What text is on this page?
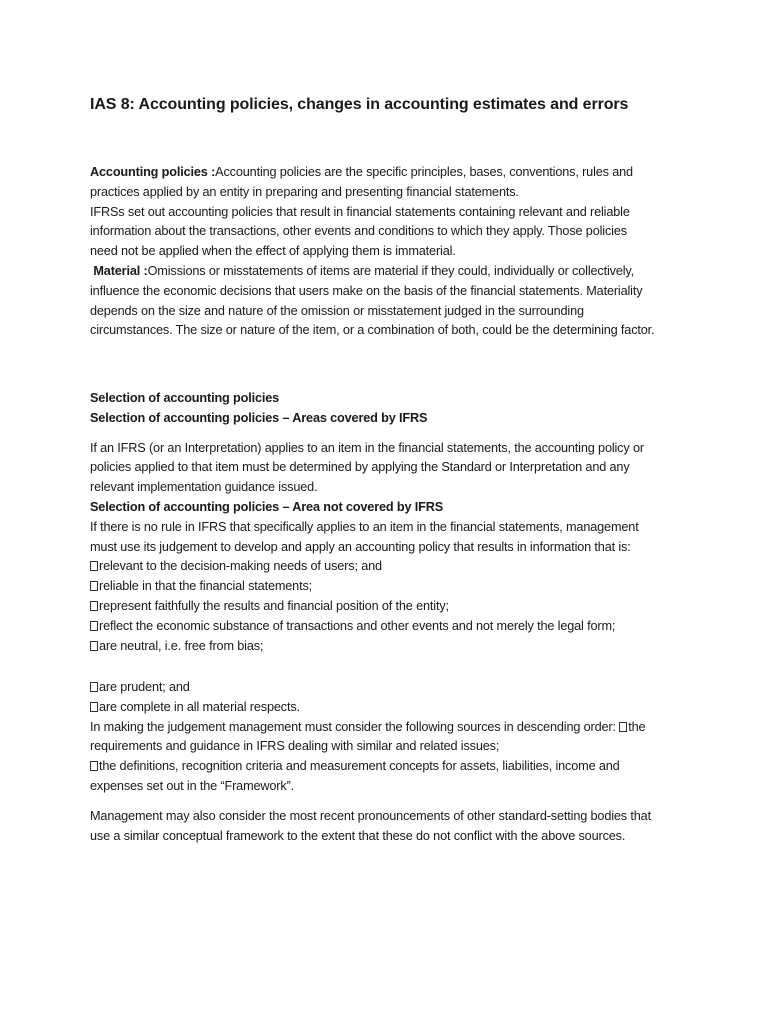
IAS 8: Accounting policies, changes in accounting estimates and errors
Accounting policies :Accounting policies are the specific principles, bases, conventions, rules and
practices applied by an entity in preparing and presenting financial statements.
IFRSs set out accounting policies that result in financial statements containing relevant and reliable
information about the transactions, other events and conditions to which they apply. Those policies
need not be applied when the effect of applying them is immaterial.
Material :Omissions or misstatements of items are material if they could, individually or collectively,
influence the economic decisions that users make on the basis of the financial statements. Materiality
depends on the size and nature of the omission or misstatement judged in the surrounding
circumstances. The size or nature of the item, or a combination of both, could be the determining factor.
Selection of accounting policies
Selection of accounting policies – Areas covered by IFRS
If an IFRS (or an Interpretation) applies to an item in the financial statements, the accounting policy or
policies applied to that item must be determined by applying the Standard or Interpretation and any
relevant implementation guidance issued.
Selection of accounting policies – Area not covered by IFRS
If there is no rule in IFRS that specifically applies to an item in the financial statements, management
must use its judgement to develop and apply an accounting policy that results in information that is:
relevant to the decision-making needs of users; and
reliable in that the financial statements;
represent faithfully the results and financial position of the entity;
reflect the economic substance of transactions and other events and not merely the legal form;
are neutral, i.e. free from bias;
are prudent; and
are complete in all material respects.
In making the judgement management must consider the following sources in descending order: the
requirements and guidance in IFRS dealing with similar and related issues;
the definitions, recognition criteria and measurement concepts for assets, liabilities, income and
expenses set out in the “Framework”.
Management may also consider the most recent pronouncements of other standard-setting bodies that
use a similar conceptual framework to the extent that these do not conflict with the above sources.
